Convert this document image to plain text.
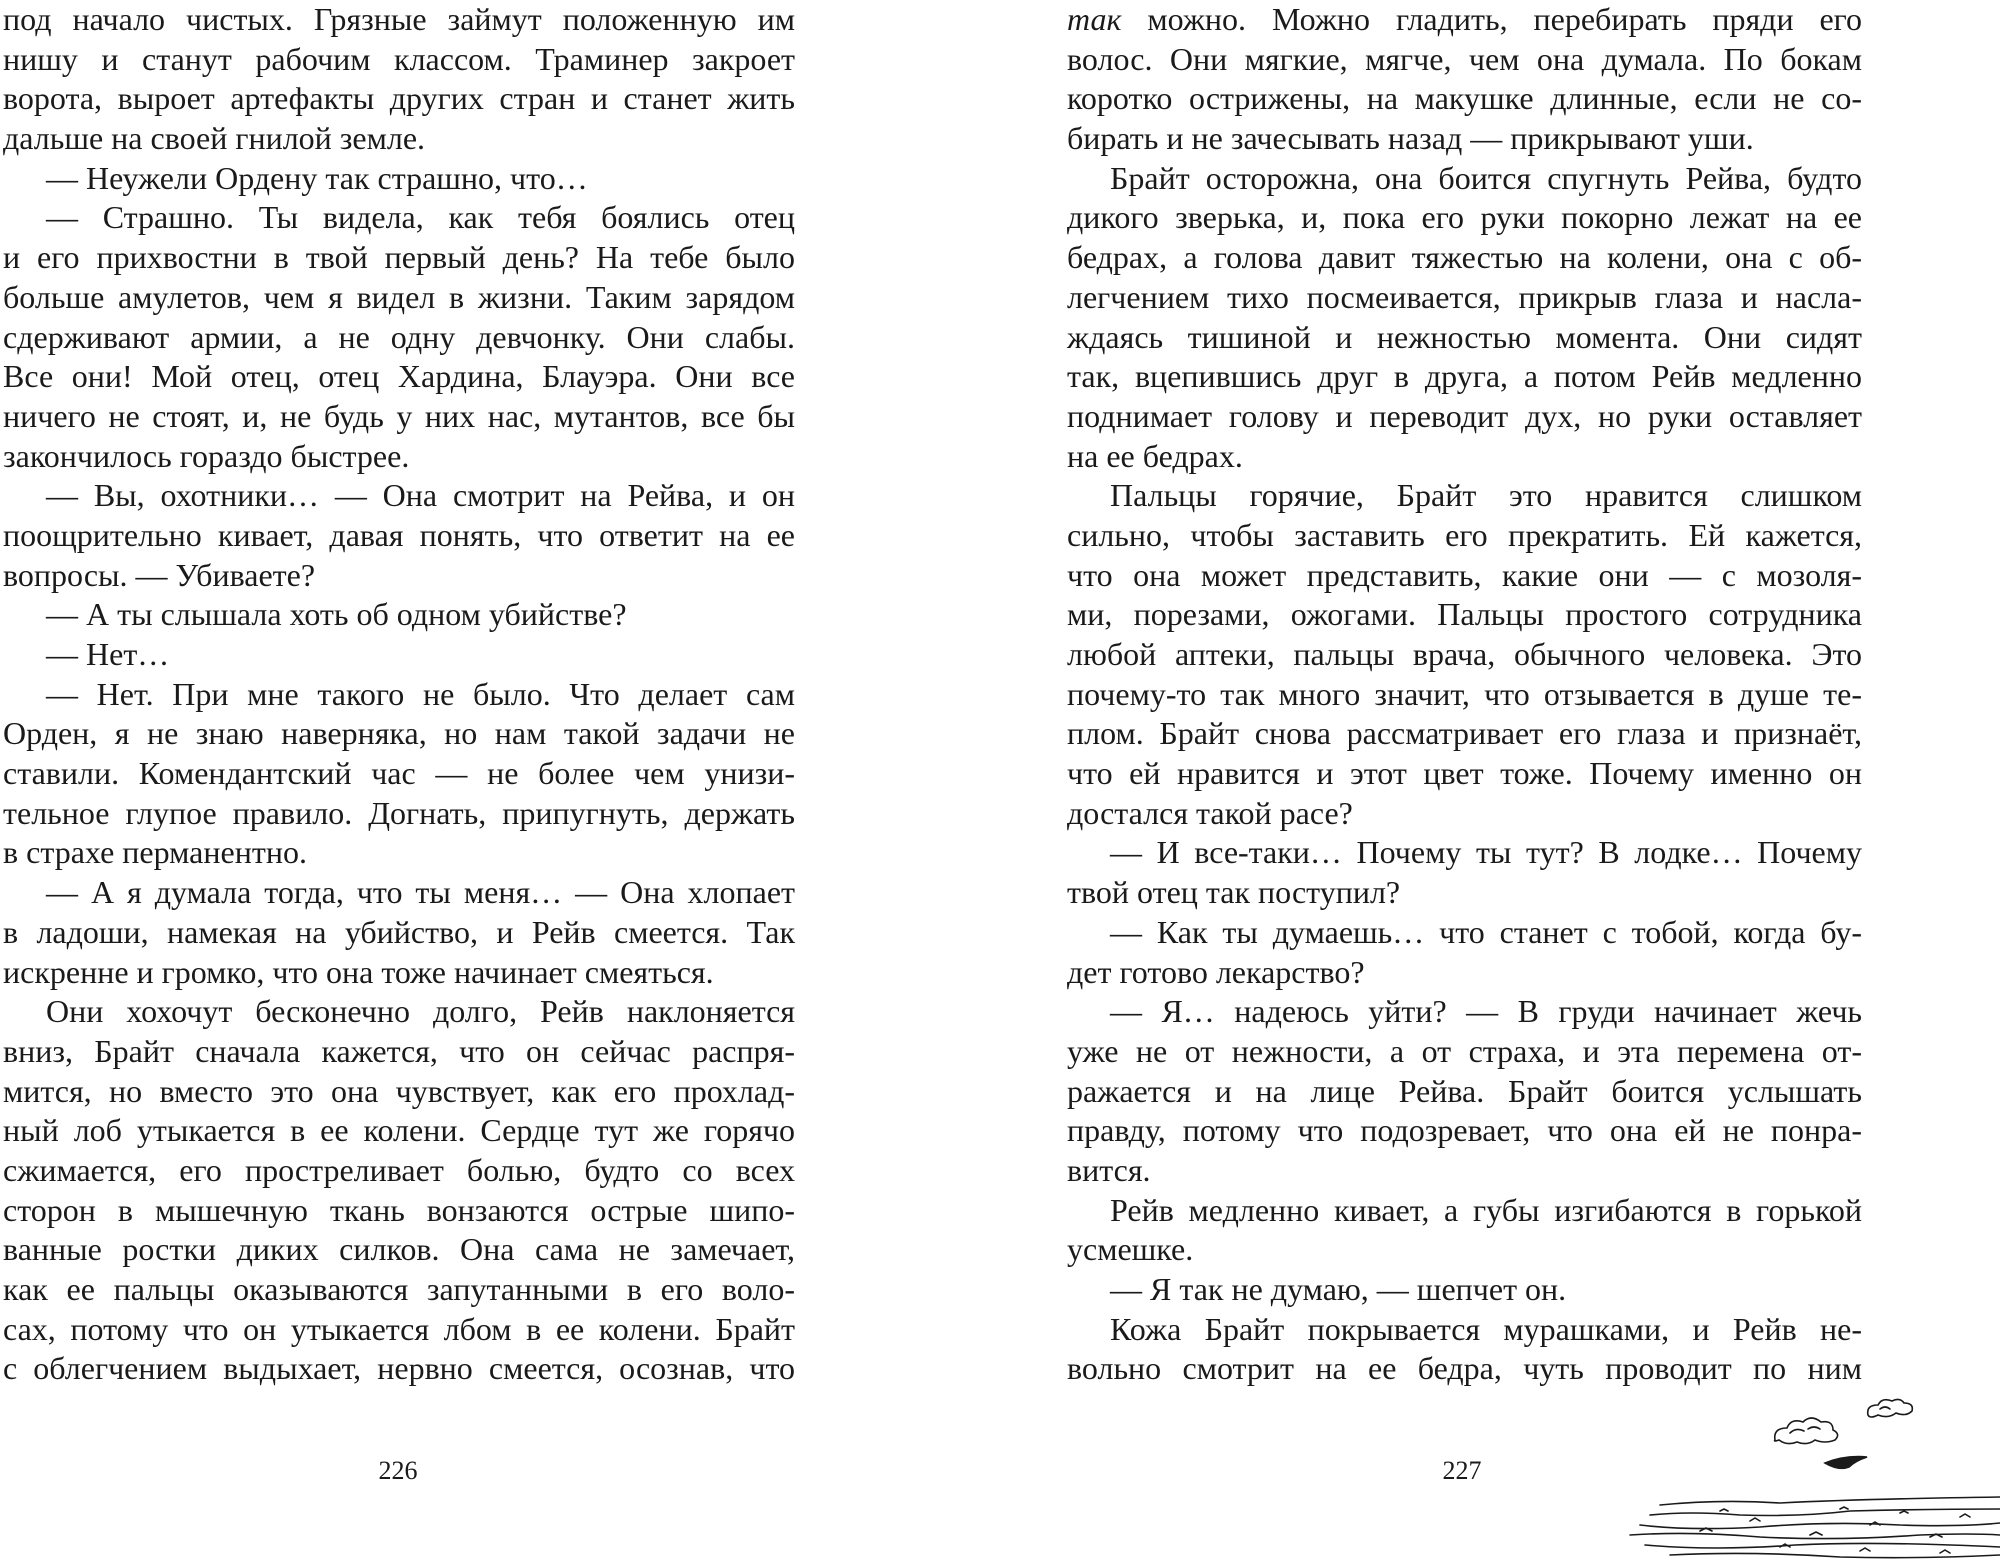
под начало чистых. Грязные займут положенную им
нишу и станут рабочим классом. Траминер закроет
ворота, выроет артефакты других стран и станет жить
дальше на своей гнилой земле.
— Неужели Ордену так страшно, что…
— Страшно. Ты видела, как тебя боялись отец
и его прихвостни в твой первый день? На тебе было
больше амулетов, чем я видел в жизни. Таким зарядом
сдерживают армии, а не одну девчонку. Они слабы.
Все они! Мой отец, отец Хардина, Блауэра. Они все
ничего не стоят, и, не будь у них нас, мутантов, все бы
закончилось гораздо быстрее.
— Вы, охотники… — Она смотрит на Рейва, и он
поощрительно кивает, давая понять, что ответит на ее
вопросы. — Убиваете?
— А ты слышала хоть об одном убийстве?
— Нет…
— Нет. При мне такого не было. Что делает сам
Орден, я не знаю наверняка, но нам такой задачи не
ставили. Комендантский час — не более чем унизи-
тельное глупое правило. Догнать, припугнуть, держать
в страхе перманентно.
— А я думала тогда, что ты меня… — Она хлопает
в ладоши, намекая на убийство, и Рейв смеется. Так
искренне и громко, что она тоже начинает смеяться.
Они хохочут бесконечно долго, Рейв наклоняется
вниз, Брайт сначала кажется, что он сейчас распря-
мится, но вместо это она чувствует, как его прохлад-
ный лоб утыкается в ее колени. Сердце тут же горячо
сжимается, его простреливает болью, будто со всех
сторон в мышечную ткань вонзаются острые шипо-
ванные ростки диких силков. Она сама не замечает,
как ее пальцы оказываются запутанными в его воло-
сах, потому что он утыкается лбом в ее колени. Брайт
с облегчением выдыхает, нервно смеется, осознав, что
226
так можно. Можно гладить, перебирать пряди его
волос. Они мягкие, мягче, чем она думала. По бокам
коротко острижены, на макушке длинные, если не со-
бирать и не зачесывать назад — прикрывают уши.
Брайт осторожна, она боится спугнуть Рейва, будто
дикого зверька, и, пока его руки покорно лежат на ее
бедрах, а голова давит тяжестью на колени, она с об-
легчением тихо посмеивается, прикрыв глаза и насла-
ждаясь тишиной и нежностью момента. Они сидят
так, вцепившись друг в друга, а потом Рейв медленно
поднимает голову и переводит дух, но руки оставляет
на ее бедрах.
Пальцы горячие, Брайт это нравится слишком
сильно, чтобы заставить его прекратить. Ей кажется,
что она может представить, какие они — с мозоля-
ми, порезами, ожогами. Пальцы простого сотрудника
любой аптеки, пальцы врача, обычного человека. Это
почему-то так много значит, что отзывается в душе те-
плом. Брайт снова рассматривает его глаза и признаёт,
что ей нравится и этот цвет тоже. Почему именно он
достался такой расе?
— И все-таки… Почему ты тут? В лодке… Почему
твой отец так поступил?
— Как ты думаешь… что станет с тобой, когда бу-
дет готово лекарство?
— Я… надеюсь уйти? — В груди начинает жечь
уже не от нежности, а от страха, и эта перемена от-
ражается и на лице Рейва. Брайт боится услышать
правду, потому что подозревает, что она ей не понра-
вится.
Рейв медленно кивает, а губы изгибаются в горькой
усмешке.
— Я так не думаю, — шепчет он.
Кожа Брайт покрывается мурашками, и Рейв не-
вольно смотрит на ее бедра, чуть проводит по ним
227
